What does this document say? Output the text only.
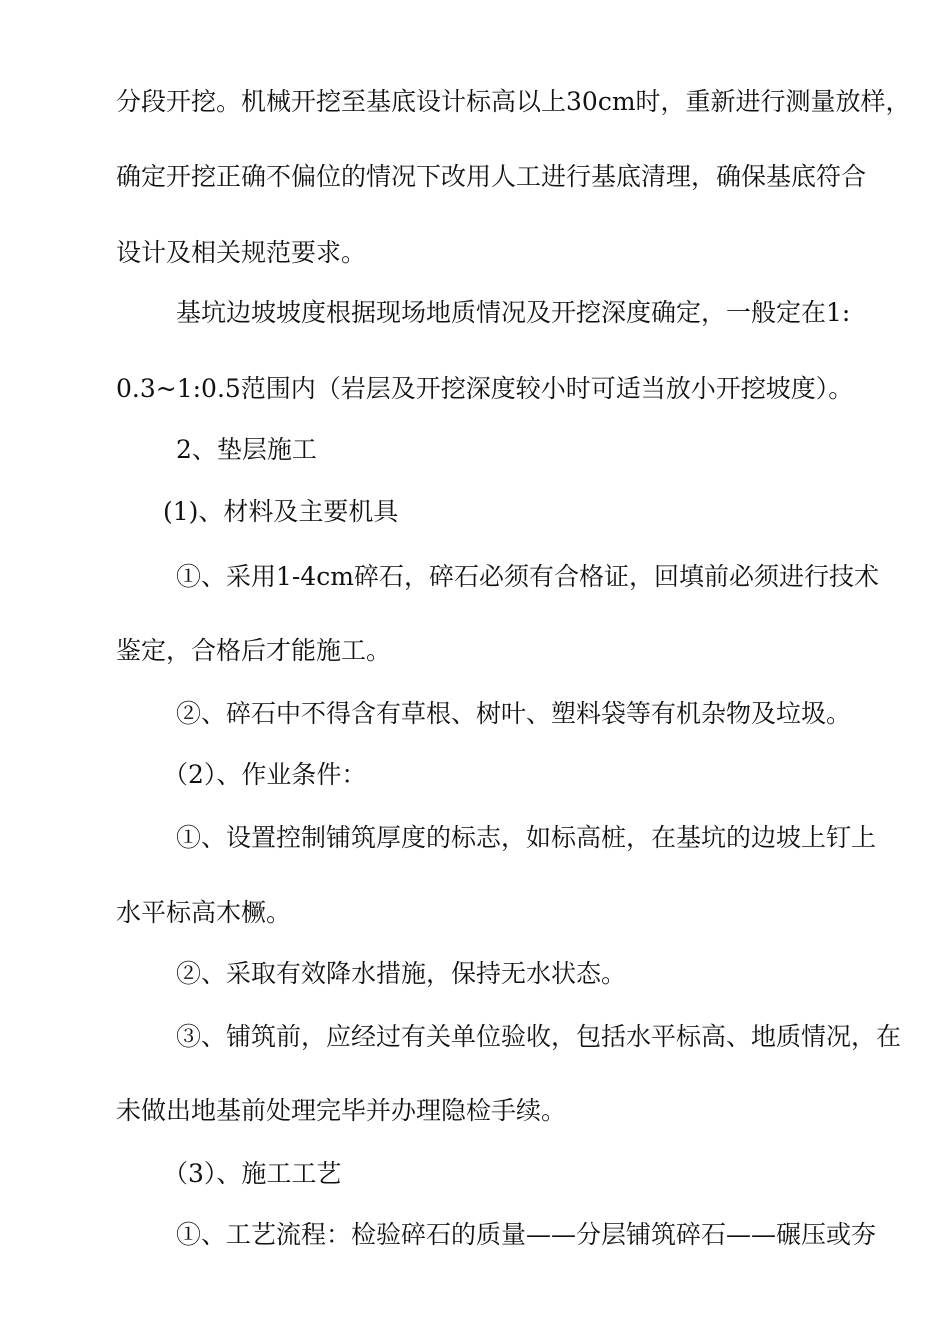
分段开挖。机械开挖至基底设计标高以上30cm时，重新进行测量放样，
确定开挖正确不偏位的情况下改用人工进行基底清理，确保基底符合
设计及相关规范要求。
基坑边坡坡度根据现场地质情况及开挖深度确定，一般定在1:
0.3~1:0.5范围内（岩层及开挖深度较小时可适当放小开挖坡度）。
2、垫层施工
(1)、材料及主要机具
①、采用1-4cm碎石，碎石必须有合格证，回填前必须进行技术
鉴定，合格后才能施工。
②、碎石中不得含有草根、树叶、塑料袋等有机杂物及垃圾。
（2）、作业条件：
①、设置控制铺筑厚度的标志，如标高桩，在基坑的边坡上钉上
水平标高木橛。
②、采取有效降水措施，保持无水状态。
③、铺筑前，应经过有关单位验收，包括水平标高、地质情况，在
未做出地基前处理完毕并办理隐检手续。
（3）、施工工艺
①、工艺流程：检验碎石的质量——分层铺筑碎石——碾压或夯
